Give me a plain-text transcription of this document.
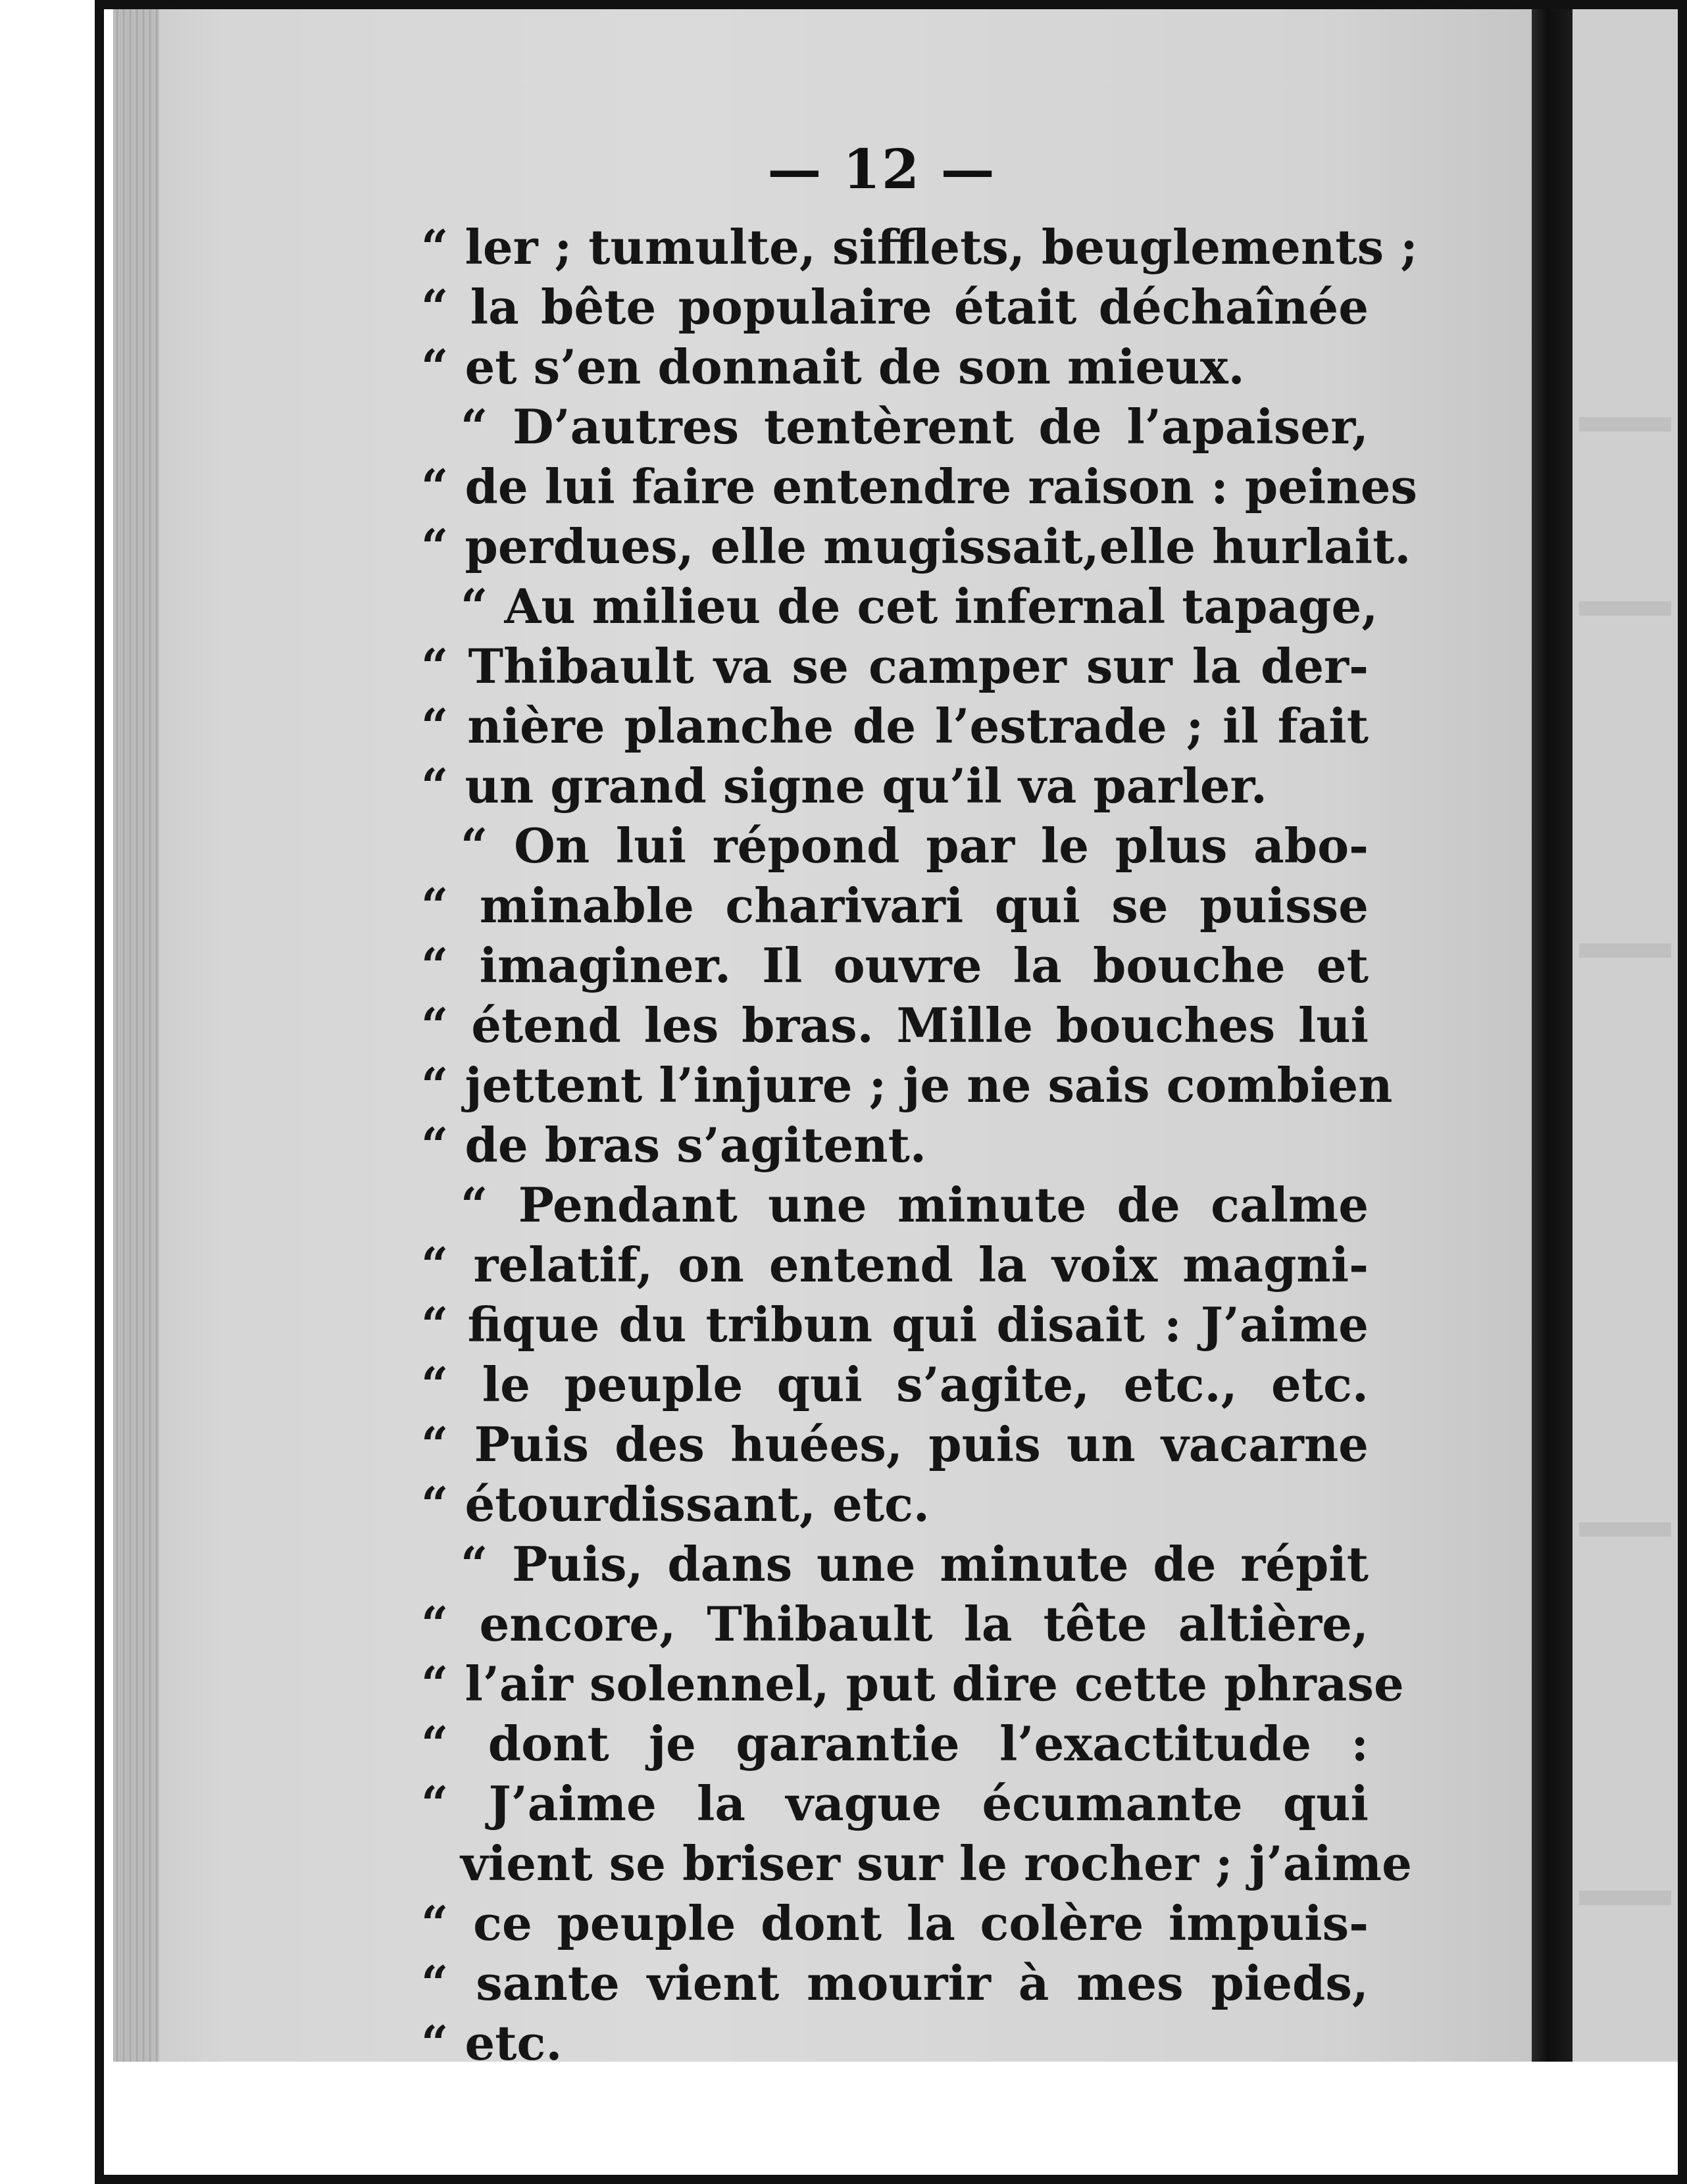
— 12 —
“ ler ; tumulte, sifflets, beuglements ;
“ la bête populaire était déchaînée
“ et s’en donnait de son mieux.
“ D’autres tentèrent de l’apaiser,
“ de lui faire entendre raison : peines
“ perdues, elle mugissait,elle hurlait.
“ Au milieu de cet infernal tapage,
“ Thibault va se camper sur la der-
“ nière planche de l’estrade ; il fait
“ un grand signe qu’il va parler.
“ On lui répond par le plus abo-
“ minable charivari qui se puisse
“ imaginer. Il ouvre la bouche et
“ étend les bras. Mille bouches lui
“ jettent l’injure ; je ne sais combien
“ de bras s’agitent.
“ Pendant une minute de calme
“ relatif, on entend la voix magni-
“ fique du tribun qui disait : J’aime
“ le peuple qui s’agite, etc., etc.
“ Puis des huées, puis un vacarne
“ étourdissant, etc.
“ Puis, dans une minute de répit
“ encore, Thibault la tête altière,
“ l’air solennel, put dire cette phrase
“ dont je garantie l’exactitude :
“ J’aime la vague écumante qui
vient se briser sur le rocher ; j’aime
“ ce peuple dont la colère impuis-
“ sante vient mourir à mes pieds,
“ etc.
